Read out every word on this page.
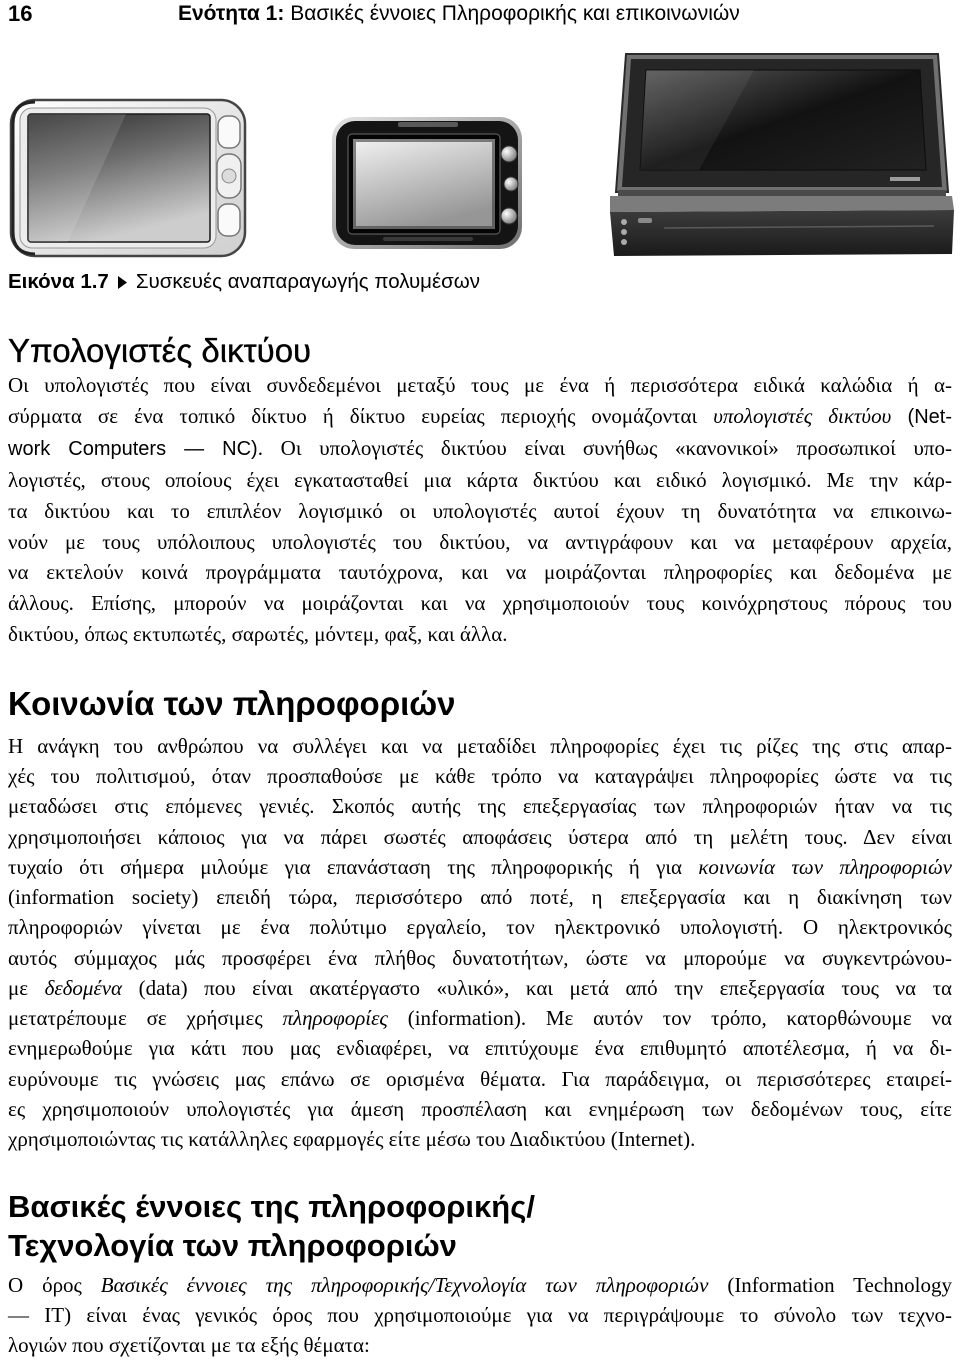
16	Ενότητα 1: Βασικές έννοιες Πληροφορικής και επικοινωνιών
Εικόνα 1.7 Συσκευές αναπαραγωγής πολυμέσων
Υπολογιστές δικτύου
Οι υπολογιστές που είναι συνδεδεμένοι μεταξύ τους με ένα ή περισσότερα ειδικά καλώδια ή α-
σύρματα σε ένα τοπικό δίκτυο ή δίκτυο ευρείας περιοχής ονομάζονται υπολογιστές δικτύου (Net-
work Computers — NC). Οι υπολογιστές δικτύου είναι συνήθως «κανονικοί» προσωπικοί υπο-
λογιστές, στους οποίους έχει εγκατασταθεί μια κάρτα δικτύου και ειδικό λογισμικό. Με την κάρ-
τα δικτύου και το επιπλέον λογισμικό οι υπολογιστές αυτοί έχουν τη δυνατότητα να επικοινω-
νούν με τους υπόλοιπους υπολογιστές του δικτύου, να αντιγράφουν και να μεταφέρουν αρχεία,
να εκτελούν κοινά προγράμματα ταυτόχρονα, και να μοιράζονται πληροφορίες και δεδομένα με
άλλους. Επίσης, μπορούν να μοιράζονται και να χρησιμοποιούν τους κοινόχρηστους πόρους του
δικτύου, όπως εκτυπωτές, σαρωτές, μόντεμ, φαξ, και άλλα.
Κοινωνία των πληροφοριών
Η ανάγκη του ανθρώπου να συλλέγει και να μεταδίδει πληροφορίες έχει τις ρίζες της στις απαρ-
χές του πολιτισμού, όταν προσπαθούσε με κάθε τρόπο να καταγράψει πληροφορίες ώστε να τις
μεταδώσει στις επόμενες γενιές. Σκοπός αυτής της επεξεργασίας των πληροφοριών ήταν να τις
χρησιμοποιήσει κάποιος για να πάρει σωστές αποφάσεις ύστερα από τη μελέτη τους. Δεν είναι
τυχαίο ότι σήμερα μιλούμε για επανάσταση της πληροφορικής ή για κοινωνία των πληροφοριών
(information society) επειδή τώρα, περισσότερο από ποτέ, η επεξεργασία και η διακίνηση των
πληροφοριών γίνεται με ένα πολύτιμο εργαλείο, τον ηλεκτρονικό υπολογιστή. Ο ηλεκτρονικός
αυτός σύμμαχος μάς προσφέρει ένα πλήθος δυνατοτήτων, ώστε να μπορούμε να συγκεντρώνου-
με δεδομένα (data) που είναι ακατέργαστο «υλικό», και μετά από την επεξεργασία τους να τα
μετατρέπουμε σε χρήσιμες πληροφορίες (information). Με αυτόν τον τρόπο, κατορθώνουμε να
ενημερωθούμε για κάτι που μας ενδιαφέρει, να επιτύχουμε ένα επιθυμητό αποτέλεσμα, ή να δι-
ευρύνουμε τις γνώσεις μας επάνω σε ορισμένα θέματα. Για παράδειγμα, οι περισσότερες εταιρεί-
ες χρησιμοποιούν υπολογιστές για άμεση προσπέλαση και ενημέρωση των δεδομένων τους, είτε
χρησιμοποιώντας τις κατάλληλες εφαρμογές είτε μέσω του Διαδικτύου (Internet).
Βασικές έννοιες της πληροφορικής/
Τεχνολογία των πληροφοριών
Ο όρος Βασικές έννοιες της πληροφορικής/Τεχνολογία των πληροφοριών (Information Technology
— IT) είναι ένας γενικός όρος που χρησιμοποιούμε για να περιγράψουμε το σύνολο των τεχνο-
λογιών που σχετίζονται με τα εξής θέματα:
